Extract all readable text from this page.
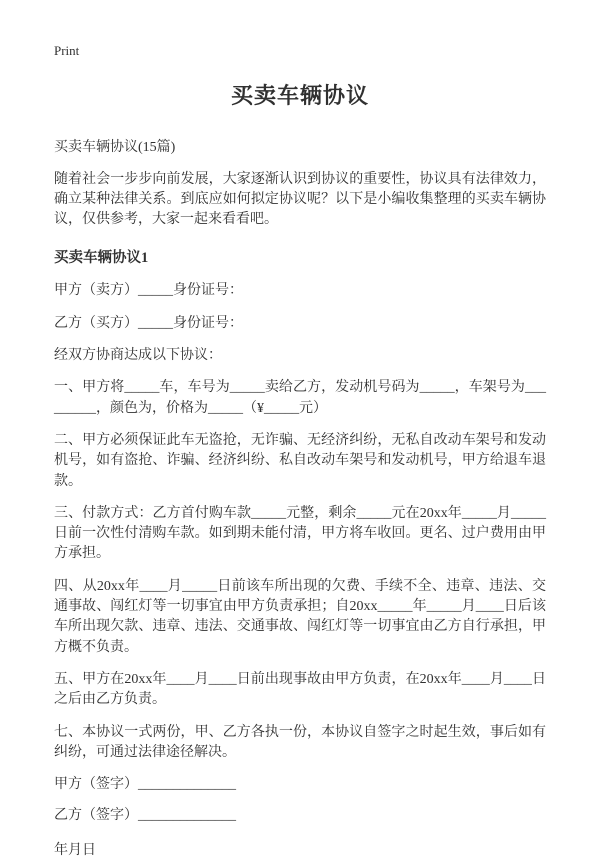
Print
买卖车辆协议
买卖车辆协议(15篇)

随着社会一步步向前发展，大家逐渐认识到协议的重要性，协议具有法律效力，确立某种法律关系。到底应如何拟定协议呢？以下是小编收集整理的买卖车辆协议，仅供参考，大家一起来看看吧。

买卖车辆协议1

甲方（卖方）_____身份证号：

乙方（买方）_____身份证号：

经双方协商达成以下协议：

一、甲方将_____车，车号为_____卖给乙方，发动机号码为_____，车架号为_________，颜色为，价格为_____（¥_____元）

二、甲方必须保证此车无盗抢，无诈骗、无经济纠纷，无私自改动车架号和发动机号，如有盗抢、诈骗、经济纠纷、私自改动车架号和发动机号，甲方给退车退款。

三、付款方式：乙方首付购车款_____元整，剩余_____元在20xx年_____月_____日前一次性付清购车款。如到期未能付清，甲方将车收回。更名、过户费用由甲方承担。

四、从20xx年____月_____日前该车所出现的欠费、手续不全、违章、违法、交通事故、闯红灯等一切事宜由甲方负责承担；自20xx_____年_____月____日后该车所出现欠款、违章、违法、交通事故、闯红灯等一切事宜由乙方自行承担，甲方概不负责。

五、甲方在20xx年____月____日前出现事故由甲方负责，在20xx年____月____日之后由乙方负责。

七、本协议一式两份，甲、乙方各执一份，本协议自签字之时起生效，事后如有纠纷，可通过法律途径解决。

甲方（签字）______________

乙方（签字）______________

年月日
